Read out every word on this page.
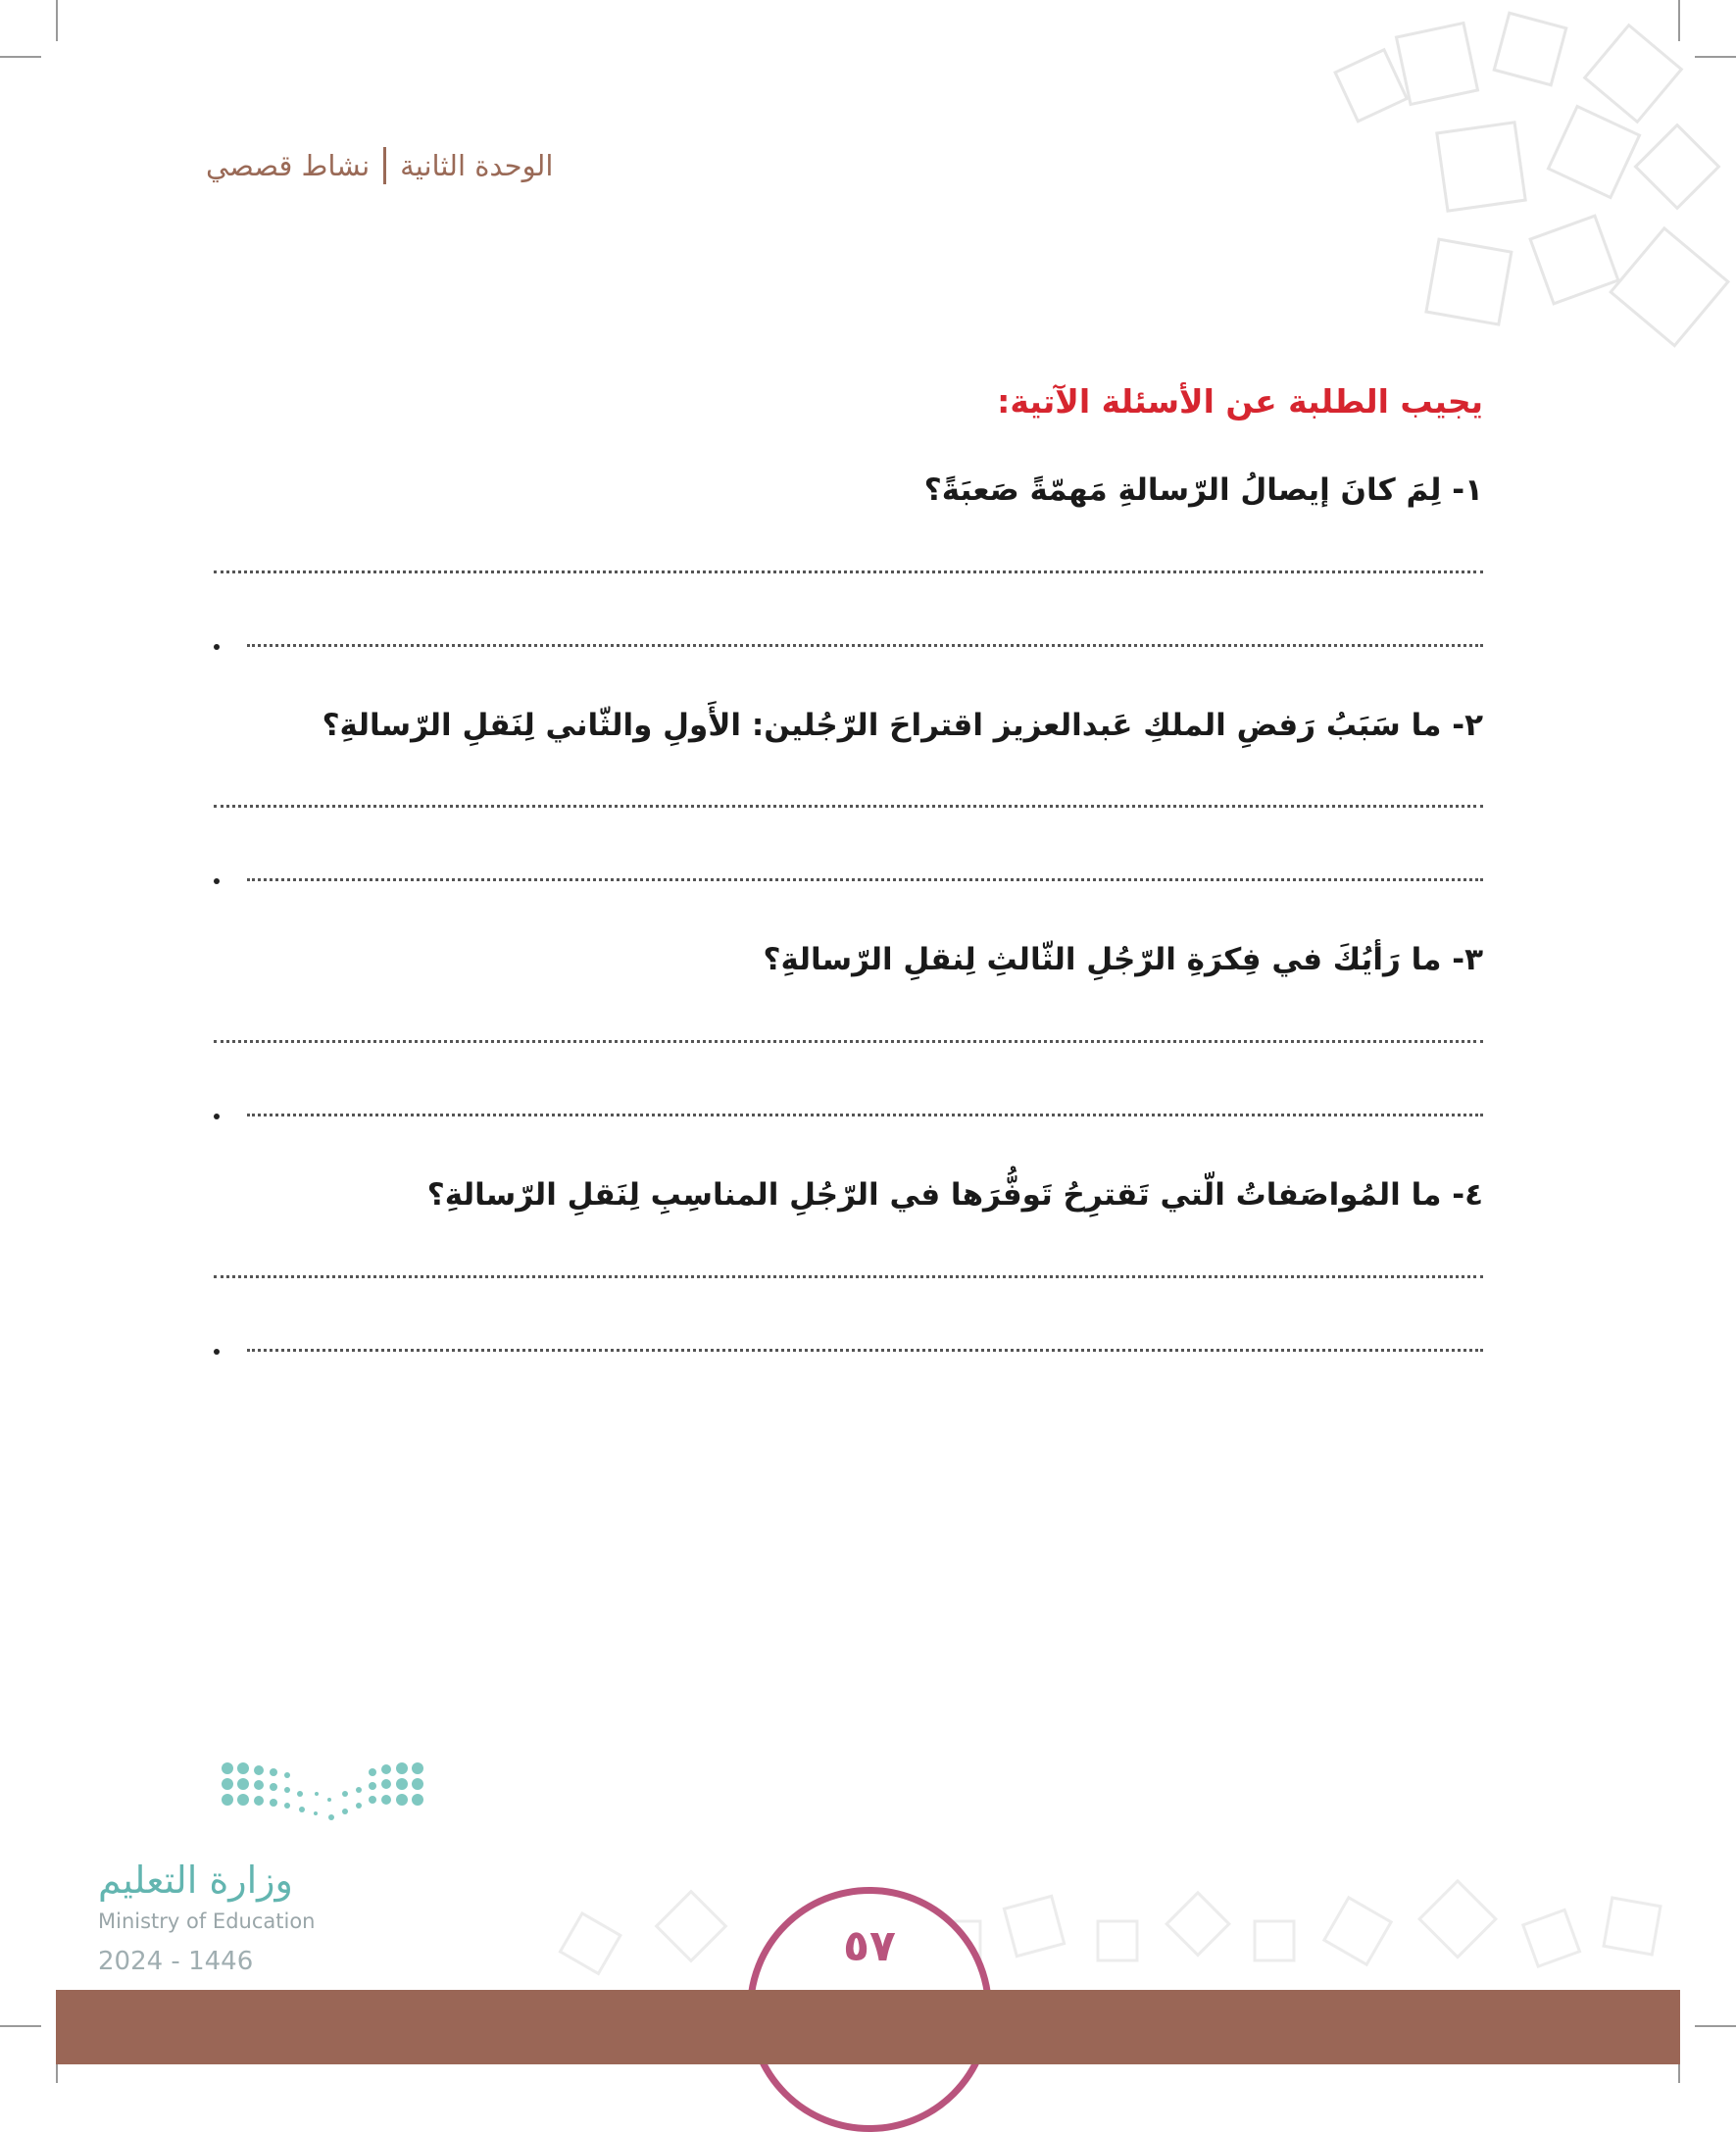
الوحدة الثانية
نشاط قصصي
يجيب الطلبة عن الأسئلة الآتية:
١- لِمَ كانَ إيصالُ الرّسالةِ مَهمّةً صَعبَةً؟
٢- ما سَبَبُ رَفضِ الملكِ عَبدالعزيز اقتراحَ الرّجُلين: الأَولِ والثّاني لِنَقلِ الرّسالةِ؟
٣- ما رَأيُكَ في فِكرَةِ الرّجُلِ الثّالثِ لِنقلِ الرّسالةِ؟
٤- ما المُواصَفاتُ الّتي تَقترِحُ تَوفُّرَها في الرّجُلِ المناسِبِ لِنَقلِ الرّسالةِ؟
وزارة التعليم
Ministry of Education
2024 - 1446	٥٧
